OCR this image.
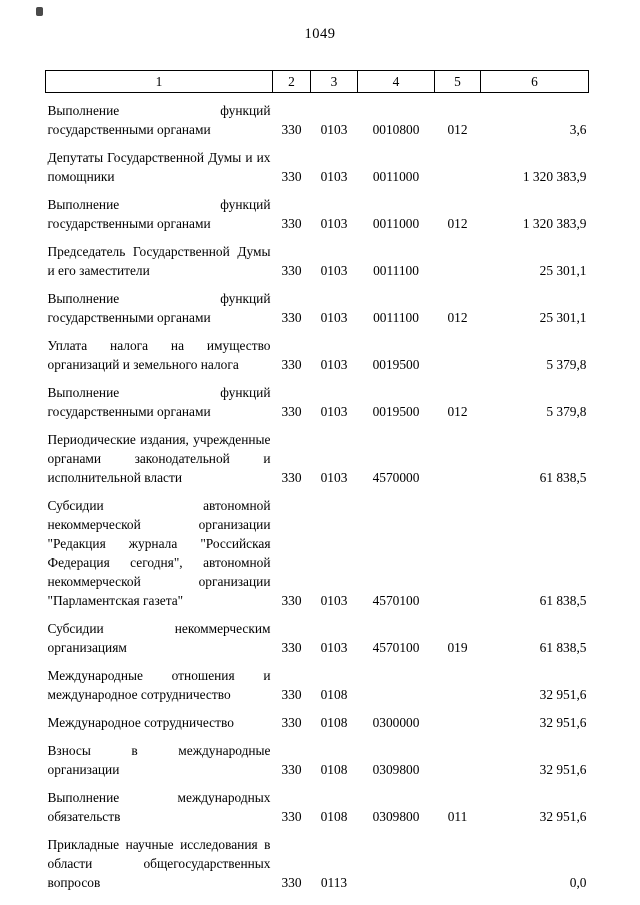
1049
1	2	3	4	5	6
Выполнение функций государственными органами	330	0103	0010800	012	3,6
Депутаты Государственной Думы и их помощники	330	0103	0011000		1 320 383,9
Выполнение функций государственными органами	330	0103	0011000	012	1 320 383,9
Председатель Государственной Думы и его заместители	330	0103	0011100		25 301,1
Выполнение функций государственными органами	330	0103	0011100	012	25 301,1
Уплата налога на имущество организаций и земельного налога	330	0103	0019500		5 379,8
Выполнение функций государственными органами	330	0103	0019500	012	5 379,8
Периодические издания, учрежденные органами законодательной и исполнительной власти	330	0103	4570000		61 838,5
Субсидии автономной некоммерческой организации "Редакция журнала "Российская Федерация сегодня", автономной некоммерческой организации "Парламентская газета"	330	0103	4570100		61 838,5
Субсидии некоммерческим организациям	330	0103	4570100	019	61 838,5
Международные отношения и международное сотрудничество	330	0108			32 951,6
Международное сотрудничество	330	0108	0300000		32 951,6
Взносы в международные организации	330	0108	0309800		32 951,6
Выполнение международных обязательств	330	0108	0309800	011	32 951,6
Прикладные научные исследования в области общегосударственных вопросов	330	0113			0,0
